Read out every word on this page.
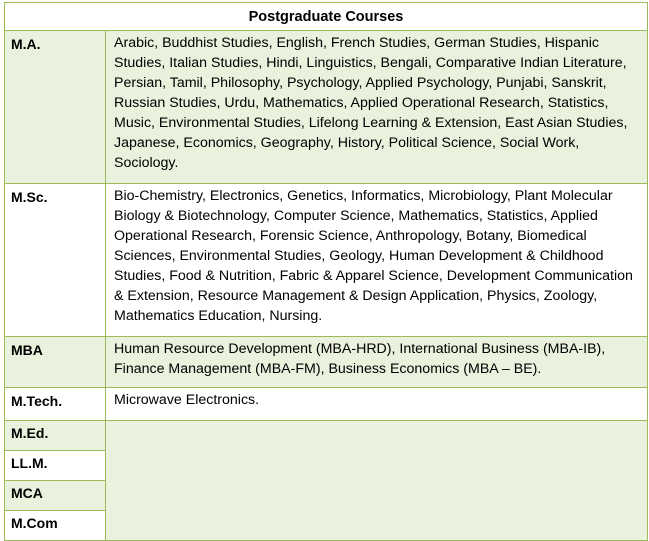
Postgraduate Courses	
M.A.	Arabic, Buddhist Studies, English, French Studies, German Studies, Hispanic Studies, Italian Studies, Hindi, Linguistics, Bengali, Comparative Indian Literature, Persian, Tamil, Philosophy, Psychology, Applied Psychology, Punjabi, Sanskrit, Russian Studies, Urdu, Mathematics, Applied Operational Research, Statistics, Music, Environmental Studies, Lifelong Learning & Extension, East Asian Studies, Japanese, Economics, Geography, History, Political Science, Social Work, Sociology.
M.Sc.	Bio-Chemistry, Electronics, Genetics, Informatics, Microbiology, Plant Molecular Biology & Biotechnology, Computer Science, Mathematics, Statistics, Applied Operational Research, Forensic Science, Anthropology, Botany, Biomedical Sciences, Environmental Studies, Geology, Human Development & Childhood Studies, Food & Nutrition, Fabric & Apparel Science, Development Communication & Extension, Resource Management & Design Application, Physics, Zoology, Mathematics Education, Nursing.
MBA	Human Resource Development (MBA-HRD), International Business (MBA-IB), Finance Management (MBA-FM), Business Economics (MBA – BE).
M.Tech.	Microwave Electronics.
M.Ed.	
LL.M.	
MCA	
M.Com	
